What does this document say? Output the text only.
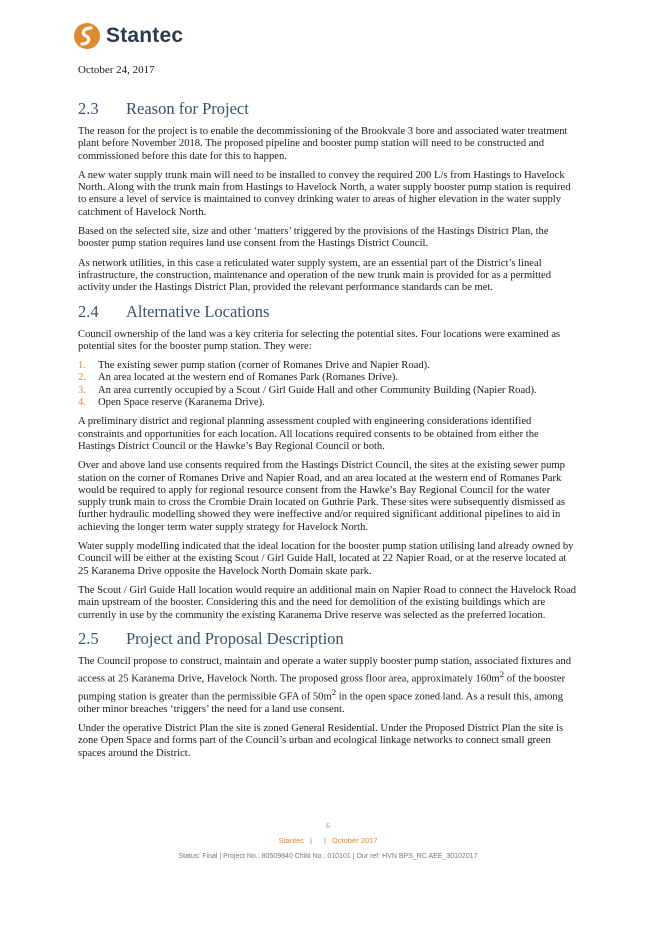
Stantec
October 24, 2017
2.3 Reason for Project

The reason for the project is to enable the decommissioning of the Brookvale 3 bore and associated water treatment plant before November 2018. The proposed pipeline and booster pump station will need to be constructed and commissioned before this date for this to happen.

A new water supply trunk main will need to be installed to convey the required 200 L/s from Hastings to Havelock North. Along with the trunk main from Hastings to Havelock North, a water supply booster pump station is required to ensure a level of service is maintained to convey drinking water to areas of higher elevation in the water supply catchment of Havelock North.

Based on the selected site, size and other ‘matters’ triggered by the provisions of the Hastings District Plan, the booster pump station requires land use consent from the Hastings District Council.

As network utilities, in this case a reticulated water supply system, are an essential part of the District’s lineal infrastructure, the construction, maintenance and operation of the new trunk main is provided for as a permitted activity under the Hastings District Plan, provided the relevant performance standards can be met.

2.4 Alternative Locations

Council ownership of the land was a key criteria for selecting the potential sites. Four locations were examined as potential sites for the booster pump station. They were:

1.	The existing sewer pump station (corner of Romanes Drive and Napier Road).
2.	An area located at the western end of Romanes Park (Romanes Drive).
3.	An area currently occupied by a Scout / Girl Guide Hall and other Community Building (Napier Road).
4.	Open Space reserve (Karanema Drive).

A preliminary district and regional planning assessment coupled with engineering considerations identified constraints and opportunities for each location. All locations required consents to be obtained from either the Hastings District Council or the Hawke’s Bay Regional Council or both.

Over and above land use consents required from the Hastings District Council, the sites at the existing sewer pump station on the corner of Romanes Drive and Napier Road, and an area located at the western end of Romanes Park would be required to apply for regional resource consent from the Hawke’s Bay Regional Council for the water supply trunk main to cross the Crombie Drain located on Guthrie Park. These sites were subsequently dismissed as further hydraulic modelling showed they were ineffective and/or required significant additional pipelines to aid in achieving the longer term water supply strategy for Havelock North.

Water supply modelling indicated that the ideal location for the booster pump station utilising land already owned by Council will be either at the existing Scout / Girl Guide Hall, located at 22 Napier Road, or at the reserve located at 25 Karanema Drive opposite the Havelock North Domain skate park.

The Scout / Girl Guide Hall location would require an additional main on Napier Road to connect the Havelock Road main upstream of the booster. Considering this and the need for demolition of the existing buildings which are currently in use by the community the existing Karanema Drive reserve was selected as the preferred location.

2.5 Project and Proposal Description

The Council propose to construct, maintain and operate a water supply booster pump station, associated fixtures and access at 25 Karanema Drive, Havelock North. The proposed gross floor area, approximately $160m^2$ of the booster pumping station is greater than the permissible GFA of $50m^2$ in the open space zoned land. As a result this, among other minor breaches ‘triggers’ the need for a land use consent.

Under the operative District Plan the site is zoned General Residential. Under the Proposed District Plan the site is zone Open Space and forms part of the Council’s urban and ecological linkage networks to connect small green spaces around the District.

6
Stantec | | October 2017
Status: Final | Project No.: 80509840 Child No.: 010101 | Our ref: HVN BPS_RC AEE_30102017
